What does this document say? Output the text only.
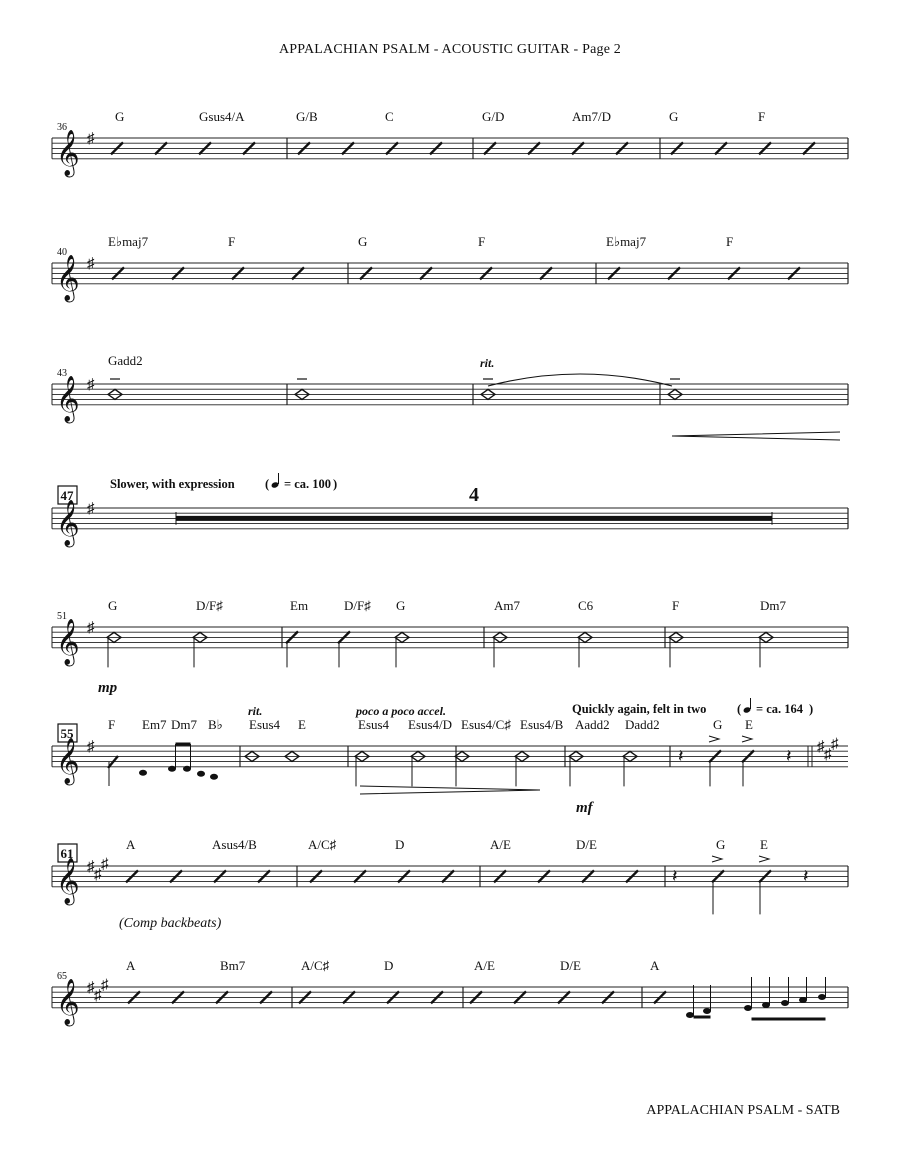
APPALACHIAN PSALM - ACOUSTIC GUITAR - Page 2
𝄞 ♯
36
G	Gsus4/A	G/B	C	G/D	Am7/D	G	F
𝄞 ♯
40
E♭maj7	F	G	F	E♭maj7	F
𝄞 ♯
43
Gadd2	rit.
𝄞 ♯
47
Slower, with expression ( = ca. 100 )	4
𝄞 ♯
51
G	D/F♯	Em	D/F♯ G	Am7	C6	F	Dm7
mp
𝄞 ♯
55
♯ ♯
♯
F Em7 Dm7 B♭ Esus4 E	Esus4 Esus4/D Esus4/C♯ Esus4/B Aadd2 Dadd2	G E
rit.	poco a poco accel.	Quickly again, felt in two ( = ca. 164 )
mf
𝄽	𝄽
𝄞 ♯ ♯
♯
61
A	Asus4/B	A/C♯	D	A/E	D/E	G	E
𝄽	𝄽
(Comp backbeats)
𝄞 ♯ ♯
♯
65
A	Bm7	A/C♯	D	A/E	D/E	A
APPALACHIAN PSALM - SATB
